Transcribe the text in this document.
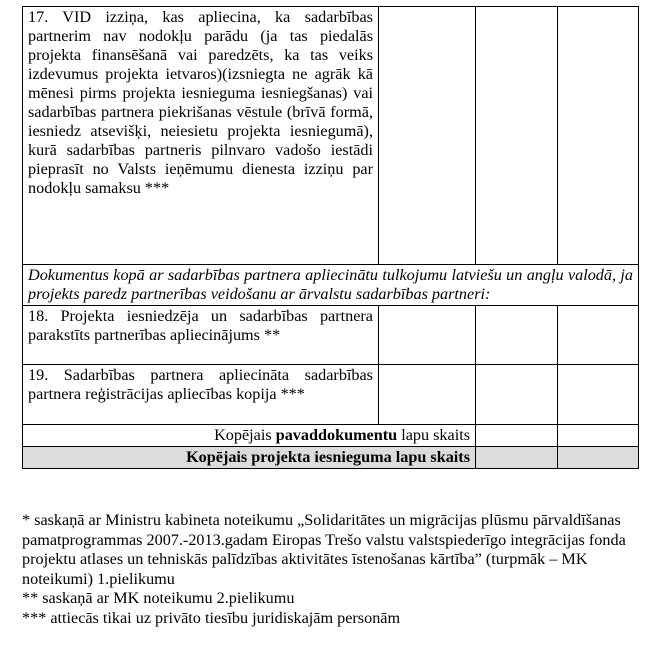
17. VID izziņa, kas apliecina, ka sadarbības partnerim nav nodokļu parādu (ja tas piedalās projekta finansēšanā vai paredzēts, ka tas veiks izdevumus projekta ietvaros)(izsniegta ne agrāk kā mēnesi pirms projekta iesnieguma iesniegšanas) vai sadarbības partnera piekrišanas vēstule (brīvā formā, iesniedz atsevišķi, neiesietu projekta iesniegumā), kurā sadarbības partneris pilnvaro vadošo iestādi pieprasīt no Valsts ieņēmumu dienesta izziņu par nodokļu samaksu ***			
Dokumentus kopā ar sadarbības partnera apliecinātu tulkojumu latviešu un angļu valodā, ja projekts paredz partnerības veidošanu ar ārvalstu sadarbības partneri:			
18. Projekta iesniedzēja un sadarbības partnera parakstīts partnerības apliecinājums **			
19. Sadarbības partnera apliecināta sadarbības partnera reģistrācijas apliecības kopija ***			
Kopējais pavaddokumentu lapu skaits			
Kopējais projekta iesnieguma lapu skaits			

* saskaņā ar Ministru kabineta noteikumu „Solidaritātes un migrācijas plūsmu pārvaldīšanas pamatprogrammas 2007.-2013.gadam Eiropas Trešo valstu valstspiederīgo integrācijas fonda projektu atlases un tehniskās palīdzības aktivitātes īstenošanas kārtība” (turpmāk – MK noteikumi) 1.pielikumu

** saskaņā ar MK noteikumu 2.pielikumu

*** attiecās tikai uz privāto tiesību juridiskajām personām
